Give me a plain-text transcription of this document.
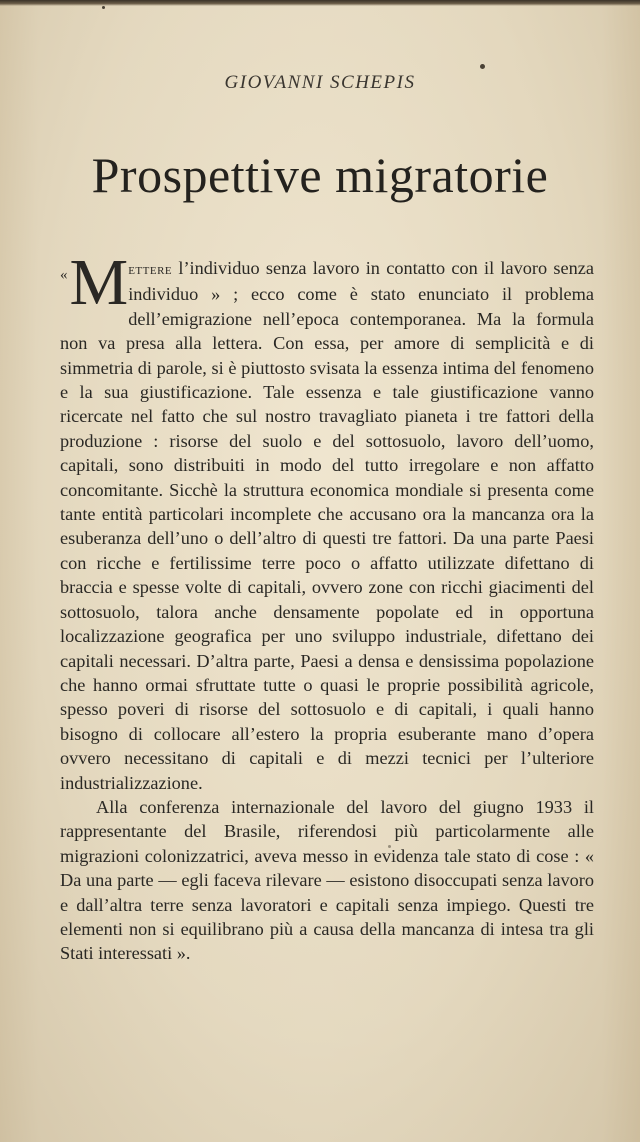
GIOVANNI SCHEPIS
Prospettive migratorie

« M ettere l’individuo senza lavoro in contatto con il lavoro senza individuo » ; ecco come è stato enunciato il problema dell’emigrazione nell’epoca contemporanea. Ma la formula non va presa alla lettera. Con essa, per amore di semplicità e di simmetria di parole, si è piuttosto svisata la essenza intima del fenomeno e la sua giustificazione. Tale essenza e tale giustificazione vanno ricercate nel fatto che sul nostro travagliato pianeta i tre fattori della produzione : risorse del suolo e del sottosuolo, lavoro dell’uomo, capitali, sono distribuiti in modo del tutto irregolare e non affatto concomitante. Sicchè la struttura economica mondiale si presenta come tante entità particolari incomplete che accusano ora la mancanza ora la esuberanza dell’uno o dell’altro di questi tre fattori. Da una parte Paesi con ricche e fertilissime terre poco o affatto utilizzate difettano di braccia e spesse volte di capitali, ovvero zone con ricchi giacimenti del sottosuolo, talora anche densamente popolate ed in opportuna localizzazione geografica per uno sviluppo industriale, difettano dei capitali necessari. D’altra parte, Paesi a densa e densissima popolazione che hanno ormai sfruttate tutte o quasi le proprie possibilità agricole, spesso poveri di risorse del sottosuolo e di capitali, i quali hanno bisogno di collocare all’estero la propria esuberante mano d’opera ovvero necessitano di capitali e di mezzi tecnici per l’ulteriore industrializzazione.

Alla conferenza internazionale del lavoro del giugno 1933 il rappresentante del Brasile, riferendosi più particolarmente alle migrazioni colonizzatrici, aveva messo in evidenza tale stato di cose : « Da una parte — egli faceva rilevare — esistono disoccupati senza lavoro e dall’altra terre senza lavoratori e capitali senza impiego. Questi tre elementi non si equilibrano più a causa della mancanza di intesa tra gli Stati interessati ».
